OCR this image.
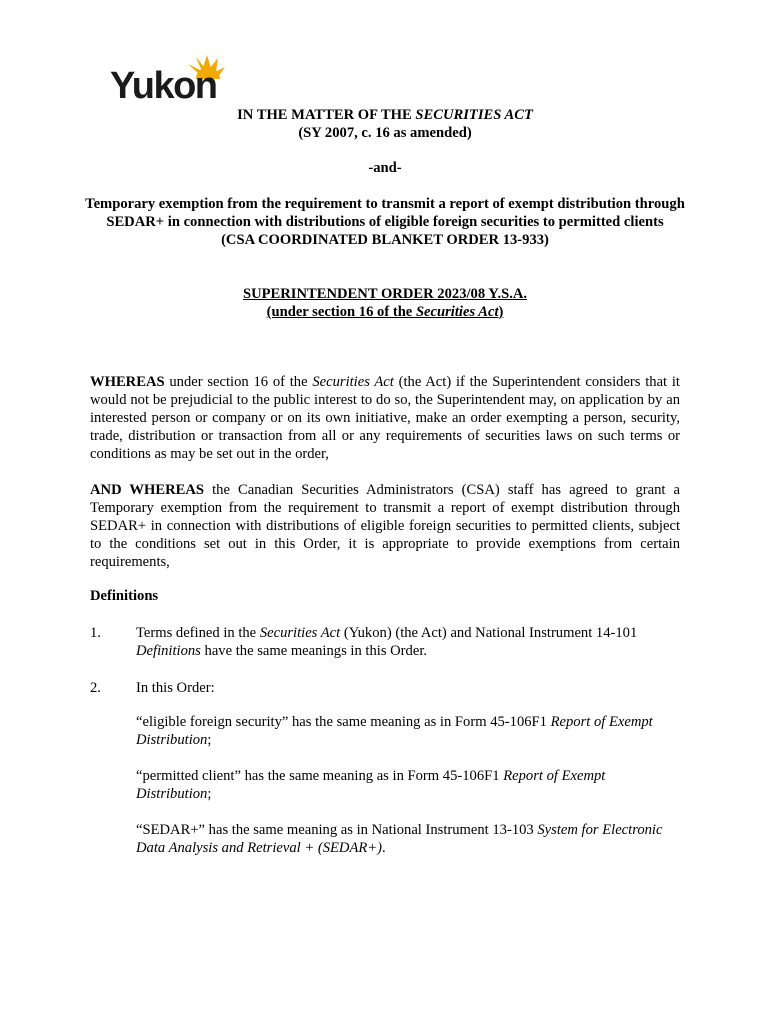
Yukon
IN THE MATTER OF THE SECURITIES ACT
(SY 2007, c. 16 as amended)
-and-
Temporary exemption from the requirement to transmit a report of exempt distribution through SEDAR+ in connection with distributions of eligible foreign securities to permitted clients
(CSA COORDINATED BLANKET ORDER 13-933)
SUPERINTENDENT ORDER 2023/08 Y.S.A.
(under section 16 of the Securities Act)
WHEREAS under section 16 of the Securities Act (the Act) if the Superintendent considers that it would not be prejudicial to the public interest to do so, the Superintendent may, on application by an interested person or company or on its own initiative, make an order exempting a person, security, trade, distribution or transaction from all or any requirements of securities laws on such terms or conditions as may be set out in the order,
AND WHEREAS the Canadian Securities Administrators (CSA) staff has agreed to grant a Temporary exemption from the requirement to transmit a report of exempt distribution through SEDAR+ in connection with distributions of eligible foreign securities to permitted clients, subject to the conditions set out in this Order, it is appropriate to provide exemptions from certain requirements,
Definitions
1. Terms defined in the Securities Act (Yukon) (the Act) and National Instrument 14-101 Definitions have the same meanings in this Order.
2. In this Order:
“eligible foreign security” has the same meaning as in Form 45-106F1 Report of Exempt Distribution;
“permitted client” has the same meaning as in Form 45-106F1 Report of Exempt Distribution;
“SEDAR+” has the same meaning as in National Instrument 13-103 System for Electronic Data Analysis and Retrieval + (SEDAR+).
